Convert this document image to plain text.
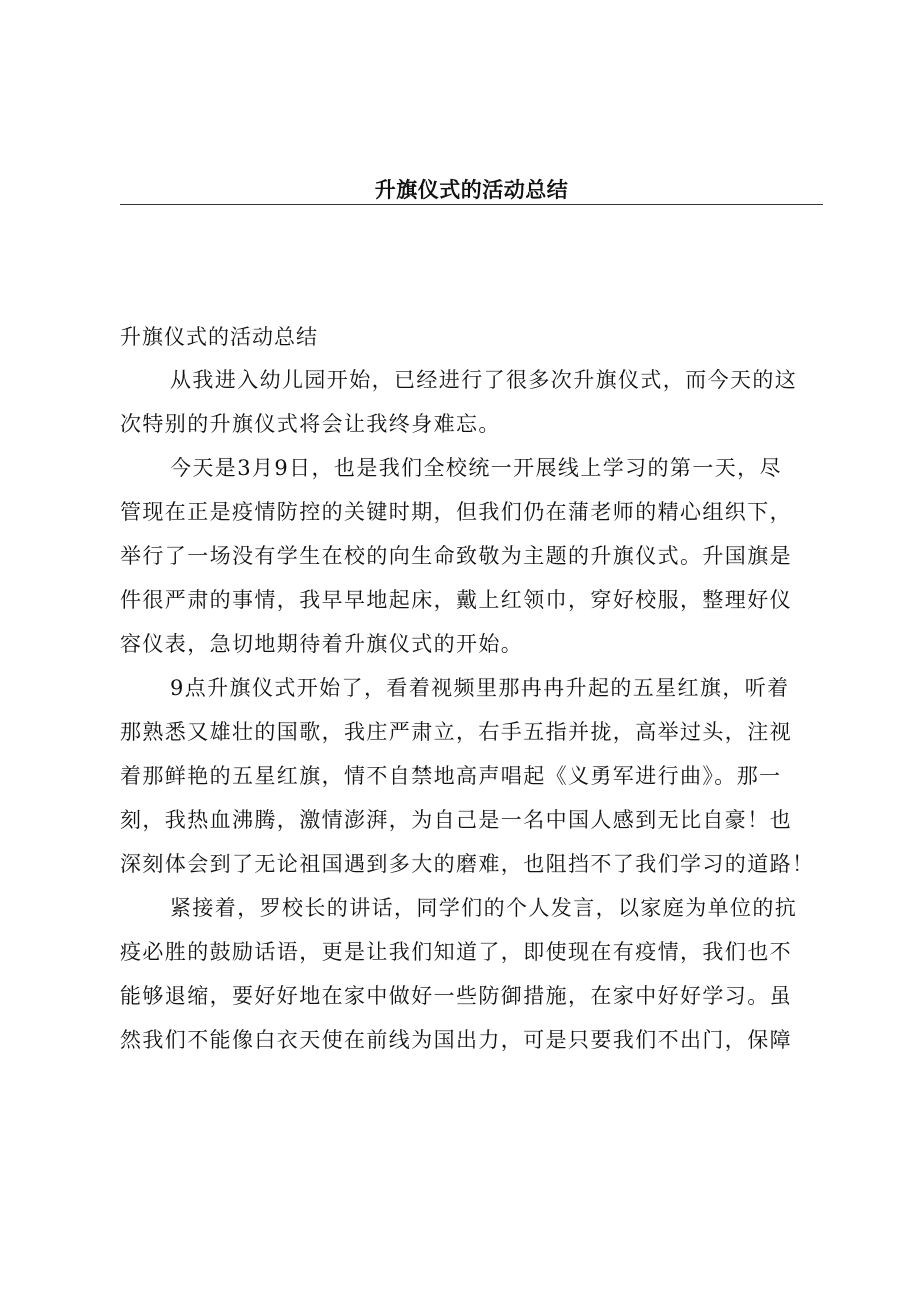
升旗仪式的活动总结

升旗仪式的活动总结

从我进入幼儿园开始，已经进行了很多次升旗仪式，而今天的这
次特别的升旗仪式将会让我终身难忘。

今天是3月9日，也是我们全校统一开展线上学习的第一天，尽
管现在正是疫情防控的关键时期，但我们仍在蒲老师的精心组织下，
举行了一场没有学生在校的向生命致敬为主题的升旗仪式。升国旗是
件很严肃的事情，我早早地起床，戴上红领巾，穿好校服，整理好仪
容仪表，急切地期待着升旗仪式的开始。

9点升旗仪式开始了，看着视频里那冉冉升起的五星红旗，听着
那熟悉又雄壮的国歌，我庄严肃立，右手五指并拢，高举过头，注视
着那鲜艳的五星红旗，情不自禁地高声唱起《义勇军进行曲》。那一
刻，我热血沸腾，激情澎湃，为自己是一名中国人感到无比自豪！也
深刻体会到了无论祖国遇到多大的磨难，也阻挡不了我们学习的道路！

紧接着，罗校长的讲话，同学们的个人发言，以家庭为单位的抗
疫必胜的鼓励话语，更是让我们知道了，即使现在有疫情，我们也不
能够退缩，要好好地在家中做好一些防御措施，在家中好好学习。虽
然我们不能像白衣天使在前线为国出力，可是只要我们不出门，保障
